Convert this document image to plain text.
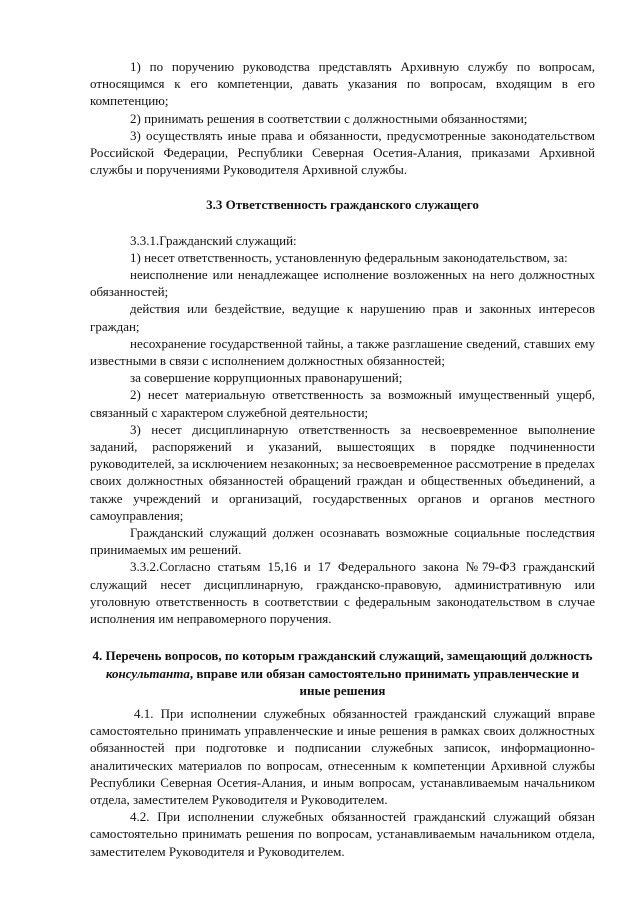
1) по поручению руководства представлять Архивную службу по вопросам, относящимся к его компетенции, давать указания по вопросам, входящим в его компетенцию;

2) принимать решения в соответствии с должностными обязанностями;

3) осуществлять иные права и обязанности, предусмотренные законодательством Российской Федерации, Республики Северная Осетия-Алания, приказами Архивной службы и поручениями Руководителя Архивной службы.

3.3 Ответственность гражданского служащего

3.3.1.Гражданский служащий:

1) несет ответственность, установленную федеральным законодательством, за:

неисполнение или ненадлежащее исполнение возложенных на него должностных обязанностей;

действия или бездействие, ведущие к нарушению прав и законных интересов граждан;

несохранение государственной тайны, а также разглашение сведений, ставших ему известными в связи с исполнением должностных обязанностей;

за совершение коррупционных правонарушений;

2) несет материальную ответственность за возможный имущественный ущерб, связанный с характером служебной деятельности;

3) несет дисциплинарную ответственность за несвоевременное выполнение заданий, распоряжений и указаний, вышестоящих в порядке подчиненности руководителей, за исключением незаконных; за несвоевременное рассмотрение в пределах своих должностных обязанностей обращений граждан и общественных объединений, а также учреждений и организаций, государственных органов и органов местного самоуправления;

Гражданский служащий должен осознавать возможные социальные последствия принимаемых им решений.

3.3.2.Согласно статьям 15,16 и 17 Федерального закона №79-ФЗ гражданский служащий несет дисциплинарную, гражданско-правовую, административную или уголовную ответственность в соответствии с федеральным законодательством в случае исполнения им неправомерного поручения.

4. Перечень вопросов, по которым гражданский служащий, замещающий должность консультанта, вправе или обязан самостоятельно принимать управленческие и иные решения

4.1. При исполнении служебных обязанностей гражданский служащий вправе самостоятельно принимать управленческие и иные решения в рамках своих должностных обязанностей при подготовке и подписании служебных записок, информационно-аналитических материалов по вопросам, отнесенным к компетенции Архивной службы Республики Северная Осетия-Алания, и иным вопросам, устанавливаемым начальником отдела, заместителем Руководителя и Руководителем.

4.2. При исполнении служебных обязанностей гражданский служащий обязан самостоятельно принимать решения по вопросам, устанавливаемым начальником отдела, заместителем Руководителя и Руководителем.
